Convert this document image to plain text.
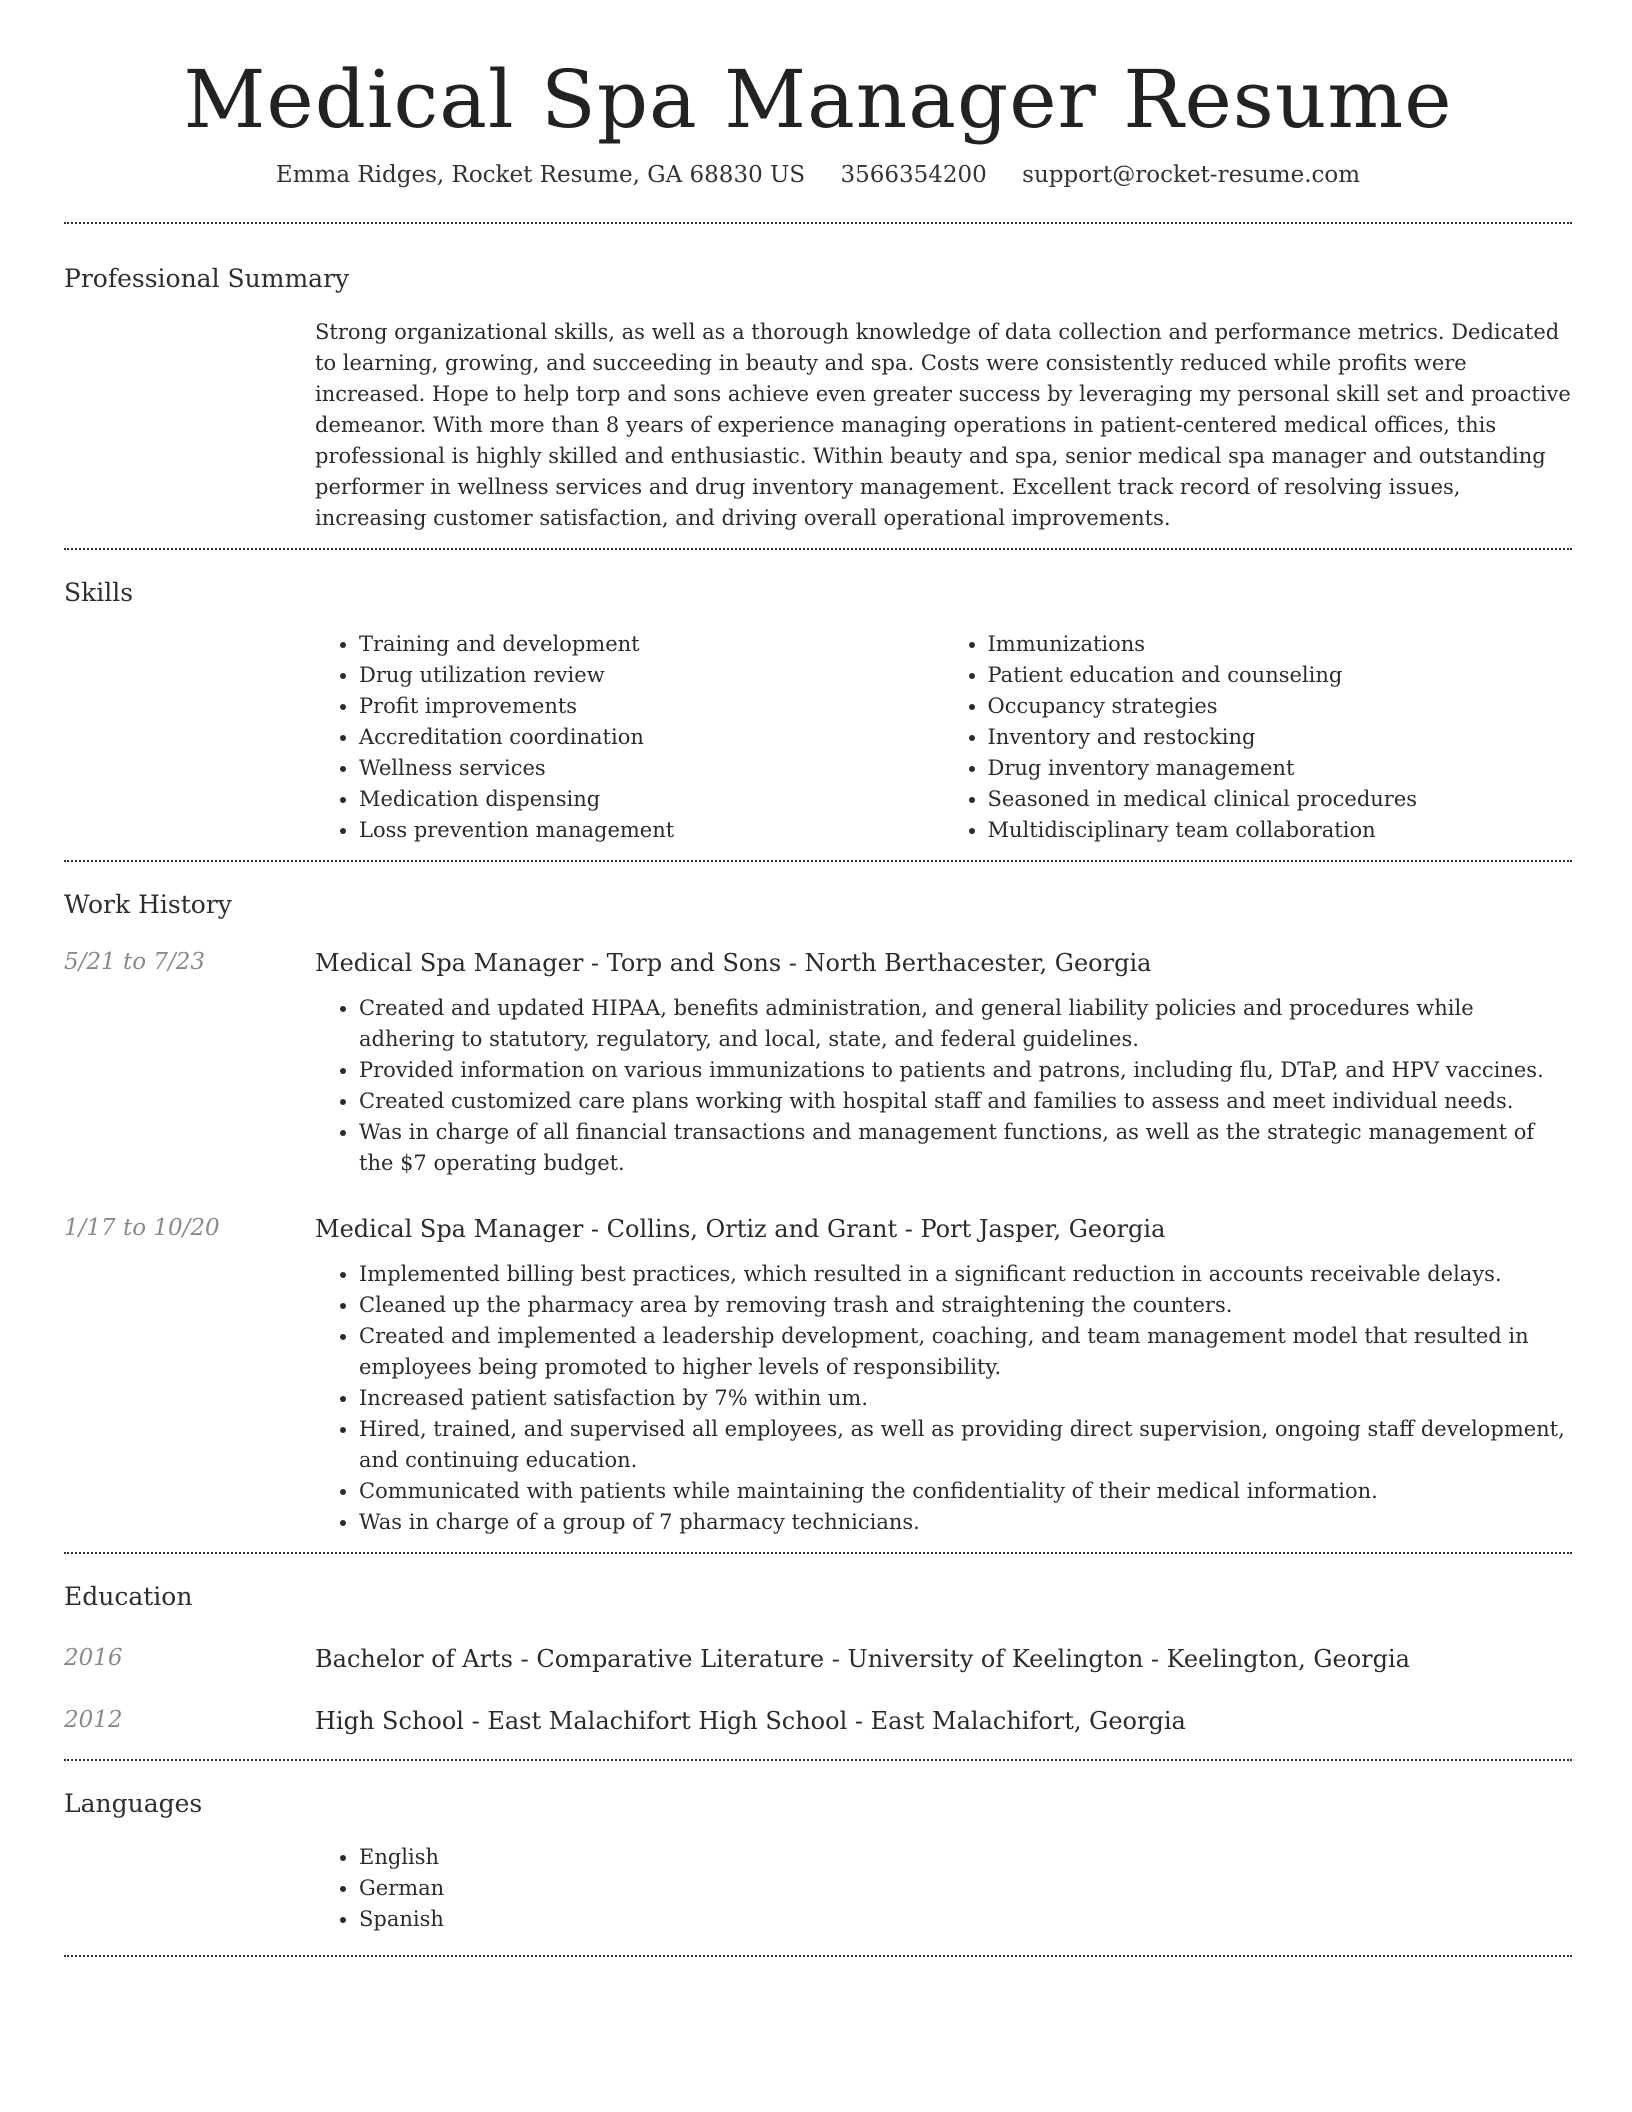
Medical Spa Manager Resume
Emma Ridges, Rocket Resume, GA 68830 US 3566354200 support@rocket-resume.com
Professional Summary
Strong organizational skills, as well as a thorough knowledge of data collection and performance metrics. Dedicated to learning, growing, and succeeding in beauty and spa. Costs were consistently reduced while profits were increased. Hope to help torp and sons achieve even greater success by leveraging my personal skill set and proactive demeanor. With more than 8 years of experience managing operations in patient-centered medical offices, this professional is highly skilled and enthusiastic. Within beauty and spa, senior medical spa manager and outstanding performer in wellness services and drug inventory management. Excellent track record of resolving issues, increasing customer satisfaction, and driving overall operational improvements.
Skills
• Training and development
• Drug utilization review
• Profit improvements
• Accreditation coordination
• Wellness services
• Medication dispensing
• Loss prevention management
• Immunizations
• Patient education and counseling
• Occupancy strategies
• Inventory and restocking
• Drug inventory management
• Seasoned in medical clinical procedures
• Multidisciplinary team collaboration
Work History
5/21 to 7/23	Medical Spa Manager - Torp and Sons - North Berthacester, Georgia
• Created and updated HIPAA, benefits administration, and general liability policies and procedures while adhering to statutory, regulatory, and local, state, and federal guidelines.
• Provided information on various immunizations to patients and patrons, including flu, DTaP, and HPV vaccines.
• Created customized care plans working with hospital staff and families to assess and meet individual needs.
• Was in charge of all financial transactions and management functions, as well as the strategic management of the $7 operating budget.
1/17 to 10/20	Medical Spa Manager - Collins, Ortiz and Grant - Port Jasper, Georgia
• Implemented billing best practices, which resulted in a significant reduction in accounts receivable delays.
• Cleaned up the pharmacy area by removing trash and straightening the counters.
• Created and implemented a leadership development, coaching, and team management model that resulted in employees being promoted to higher levels of responsibility.
• Increased patient satisfaction by 7% within um.
• Hired, trained, and supervised all employees, as well as providing direct supervision, ongoing staff development, and continuing education.
• Communicated with patients while maintaining the confidentiality of their medical information.
• Was in charge of a group of 7 pharmacy technicians.
Education
2016	Bachelor of Arts - Comparative Literature - University of Keelington - Keelington, Georgia
2012	High School - East Malachifort High School - East Malachifort, Georgia
Languages
• English
• German
• Spanish
